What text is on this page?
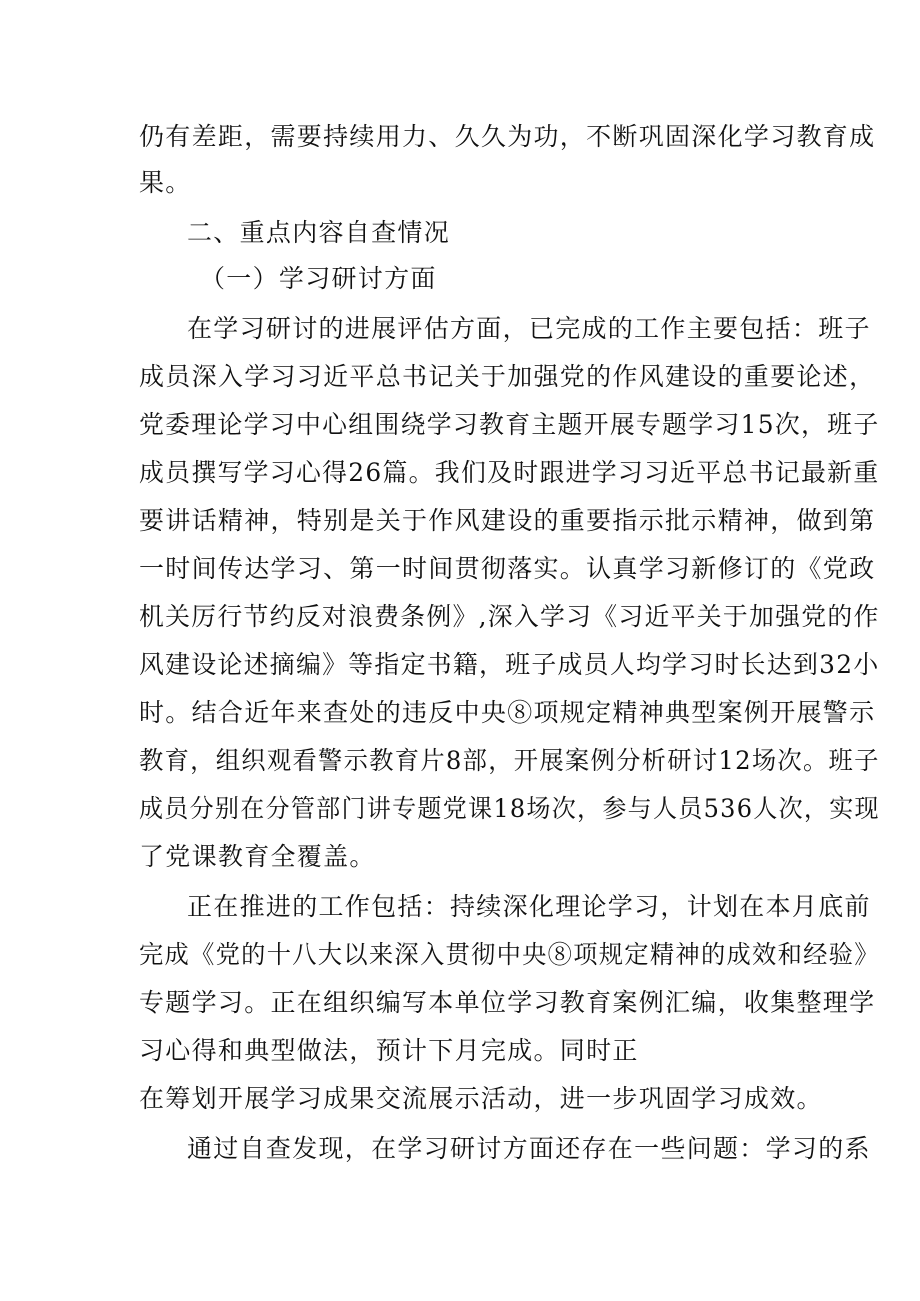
仍有差距，需要持续用力、久久为功，不断巩固深化学习教育成
果。
二、重点内容自查情况
（一）学习研讨方面
在学习研讨的进展评估方面，已完成的工作主要包括：班子
成员深入学习习近平总书记关于加强党的作风建设的重要论述，
党委理论学习中心组围绕学习教育主题开展专题学习15次，班子
成员撰写学习心得26篇。我们及时跟进学习习近平总书记最新重
要讲话精神，特别是关于作风建设的重要指示批示精神，做到第
一时间传达学习、第一时间贯彻落实。认真学习新修订的《党政
机关厉行节约反对浪费条例》,深入学习《习近平关于加强党的作
风建设论述摘编》等指定书籍，班子成员人均学习时长达到32小
时。结合近年来查处的违反中央⑧项规定精神典型案例开展警示
教育，组织观看警示教育片8部，开展案例分析研讨12场次。班子
成员分别在分管部门讲专题党课18场次，参与人员536人次，实现
了党课教育全覆盖。
正在推进的工作包括：持续深化理论学习，计划在本月底前
完成《党的十八大以来深入贯彻中央⑧项规定精神的成效和经验》
专题学习。正在组织编写本单位学习教育案例汇编，收集整理学
习心得和典型做法，预计下月完成。同时正
在筹划开展学习成果交流展示活动，进一步巩固学习成效。
通过自查发现，在学习研讨方面还存在一些问题：学习的系
